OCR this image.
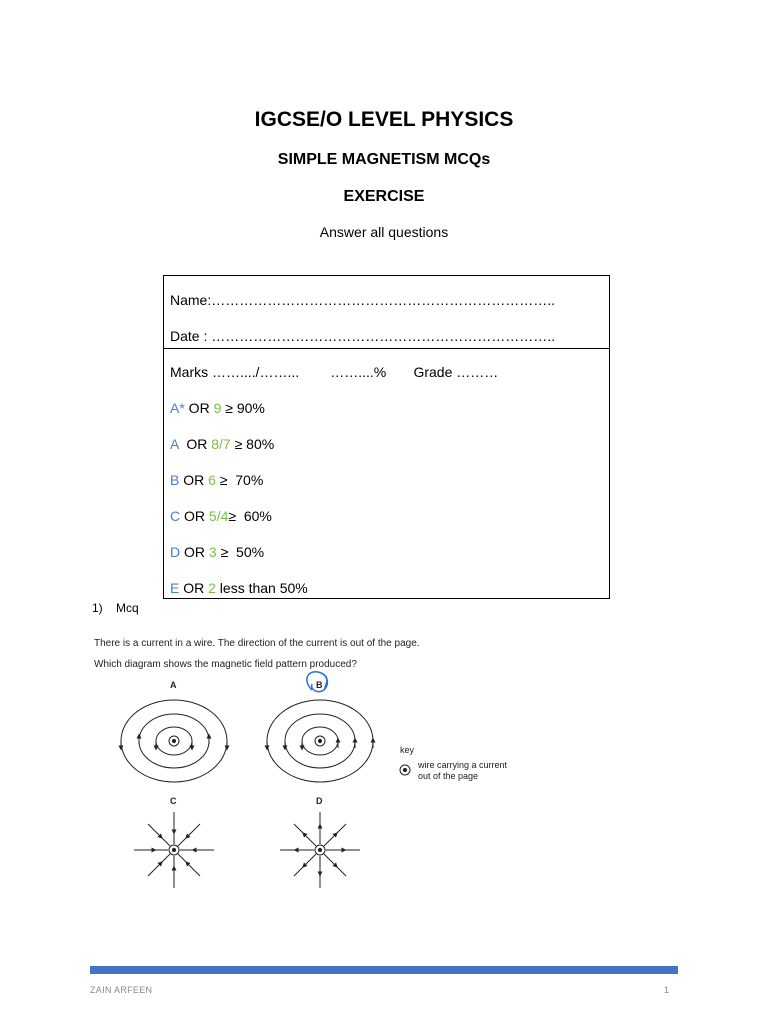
IGCSE/O LEVEL PHYSICS
SIMPLE MAGNETISM MCQs
EXERCISE
Answer all questions
Name:………………………………………………………………..
Date : ………………………………………………………………..
Marks ……..../……...        ……....%       Grade ………
A* OR 9 ≥ 90%
A  OR 8/7 ≥ 80%
B OR 6 ≥  70%
C OR 5/4≥  60%
D OR 3 ≥  50%
E OR 2 less than 50%
1) Mcq
There is a current in a wire. The direction of the current is out of the page.
Which diagram shows the magnetic field pattern produced?
A	B
C	D
key
wire carrying a current
out of the page
ZAIN ARFEEN	1
